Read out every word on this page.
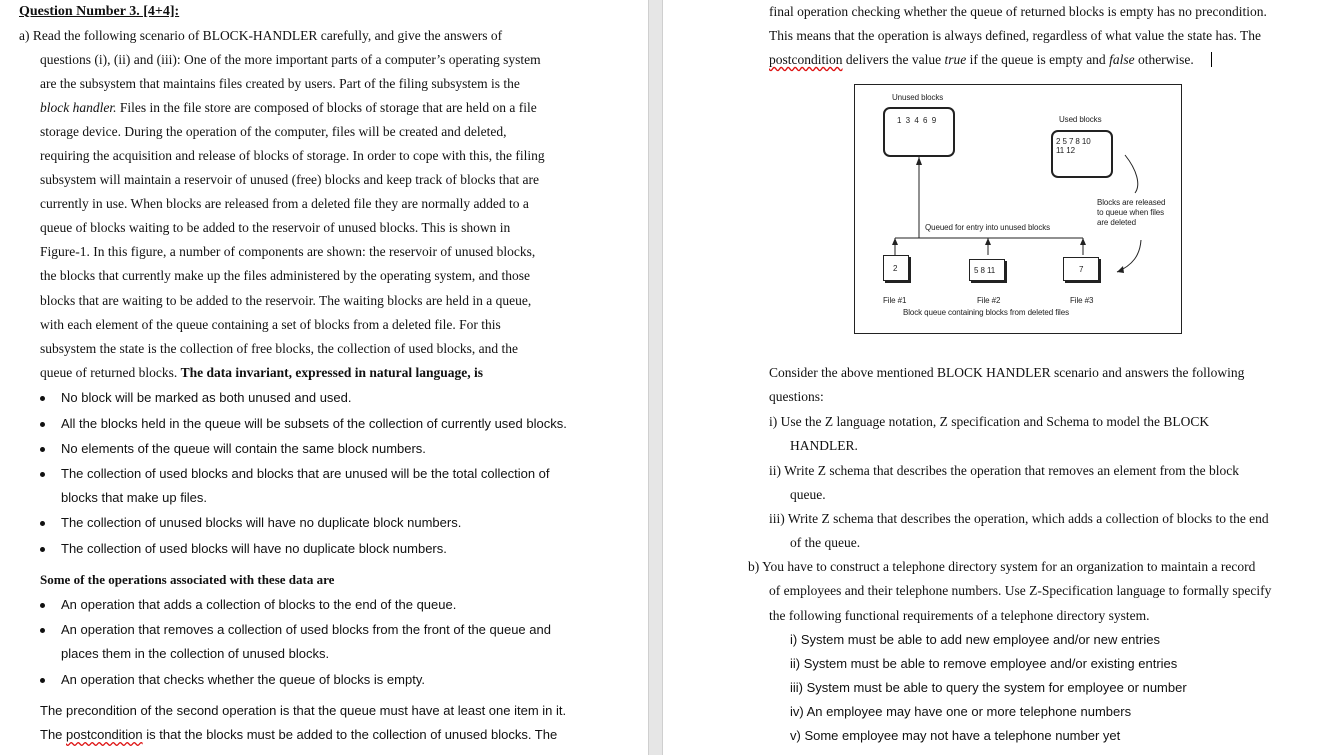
Question Number 3. [4+4]:
a) Read the following scenario of BLOCK-HANDLER carefully, and give the answers of
questions (i), (ii) and (iii): One of the more important parts of a computer’s operating system
are the subsystem that maintains files created by users. Part of the filing subsystem is the
block handler. Files in the file store are composed of blocks of storage that are held on a file
storage device. During the operation of the computer, files will be created and deleted,
requiring the acquisition and release of blocks of storage. In order to cope with this, the filing
subsystem will maintain a reservoir of unused (free) blocks and keep track of blocks that are
currently in use. When blocks are released from a deleted file they are normally added to a
queue of blocks waiting to be added to the reservoir of unused blocks. This is shown in
Figure-1. In this figure, a number of components are shown: the reservoir of unused blocks,
the blocks that currently make up the files administered by the operating system, and those
blocks that are waiting to be added to the reservoir. The waiting blocks are held in a queue,
with each element of the queue containing a set of blocks from a deleted file. For this
subsystem the state is the collection of free blocks, the collection of used blocks, and the
queue of returned blocks. The data invariant, expressed in natural language, is
No block will be marked as both unused and used.
All the blocks held in the queue will be subsets of the collection of currently used blocks.
No elements of the queue will contain the same block numbers.
The collection of used blocks and blocks that are unused will be the total collection of
blocks that make up files.
The collection of unused blocks will have no duplicate block numbers.
The collection of used blocks will have no duplicate block numbers.
Some of the operations associated with these data are
An operation that adds a collection of blocks to the end of the queue.
An operation that removes a collection of used blocks from the front of the queue and
places them in the collection of unused blocks.
An operation that checks whether the queue of blocks is empty.
The precondition of the second operation is that the queue must have at least one item in it.
The postcondition is that the blocks must be added to the collection of unused blocks. The
final operation checking whether the queue of returned blocks is empty has no precondition.
This means that the operation is always defined, regardless of what value the state has. The
postcondition delivers the value true if the queue is empty and false otherwise.
Unused blocks
1 3 4 6 9	Used blocks
2 5 7 8 10
11 12
Blocks are released
to queue when files
are deleted
Queued for entry into unused blocks
2	5 8 11	7
File #1	File #2	File #3
Block queue containing blocks from deleted files
Consider the above mentioned BLOCK HANDLER scenario and answers the following
questions:
i) Use the Z language notation, Z specification and Schema to model the BLOCK
HANDLER.
ii) Write Z schema that describes the operation that removes an element from the block
queue.
iii) Write Z schema that describes the operation, which adds a collection of blocks to the end
of the queue.
b) You have to construct a telephone directory system for an organization to maintain a record
of employees and their telephone numbers. Use Z-Specification language to formally specify
the following functional requirements of a telephone directory system.
i) System must be able to add new employee and/or new entries
ii) System must be able to remove employee and/or existing entries
iii) System must be able to query the system for employee or number
iv) An employee may have one or more telephone numbers
v) Some employee may not have a telephone number yet
